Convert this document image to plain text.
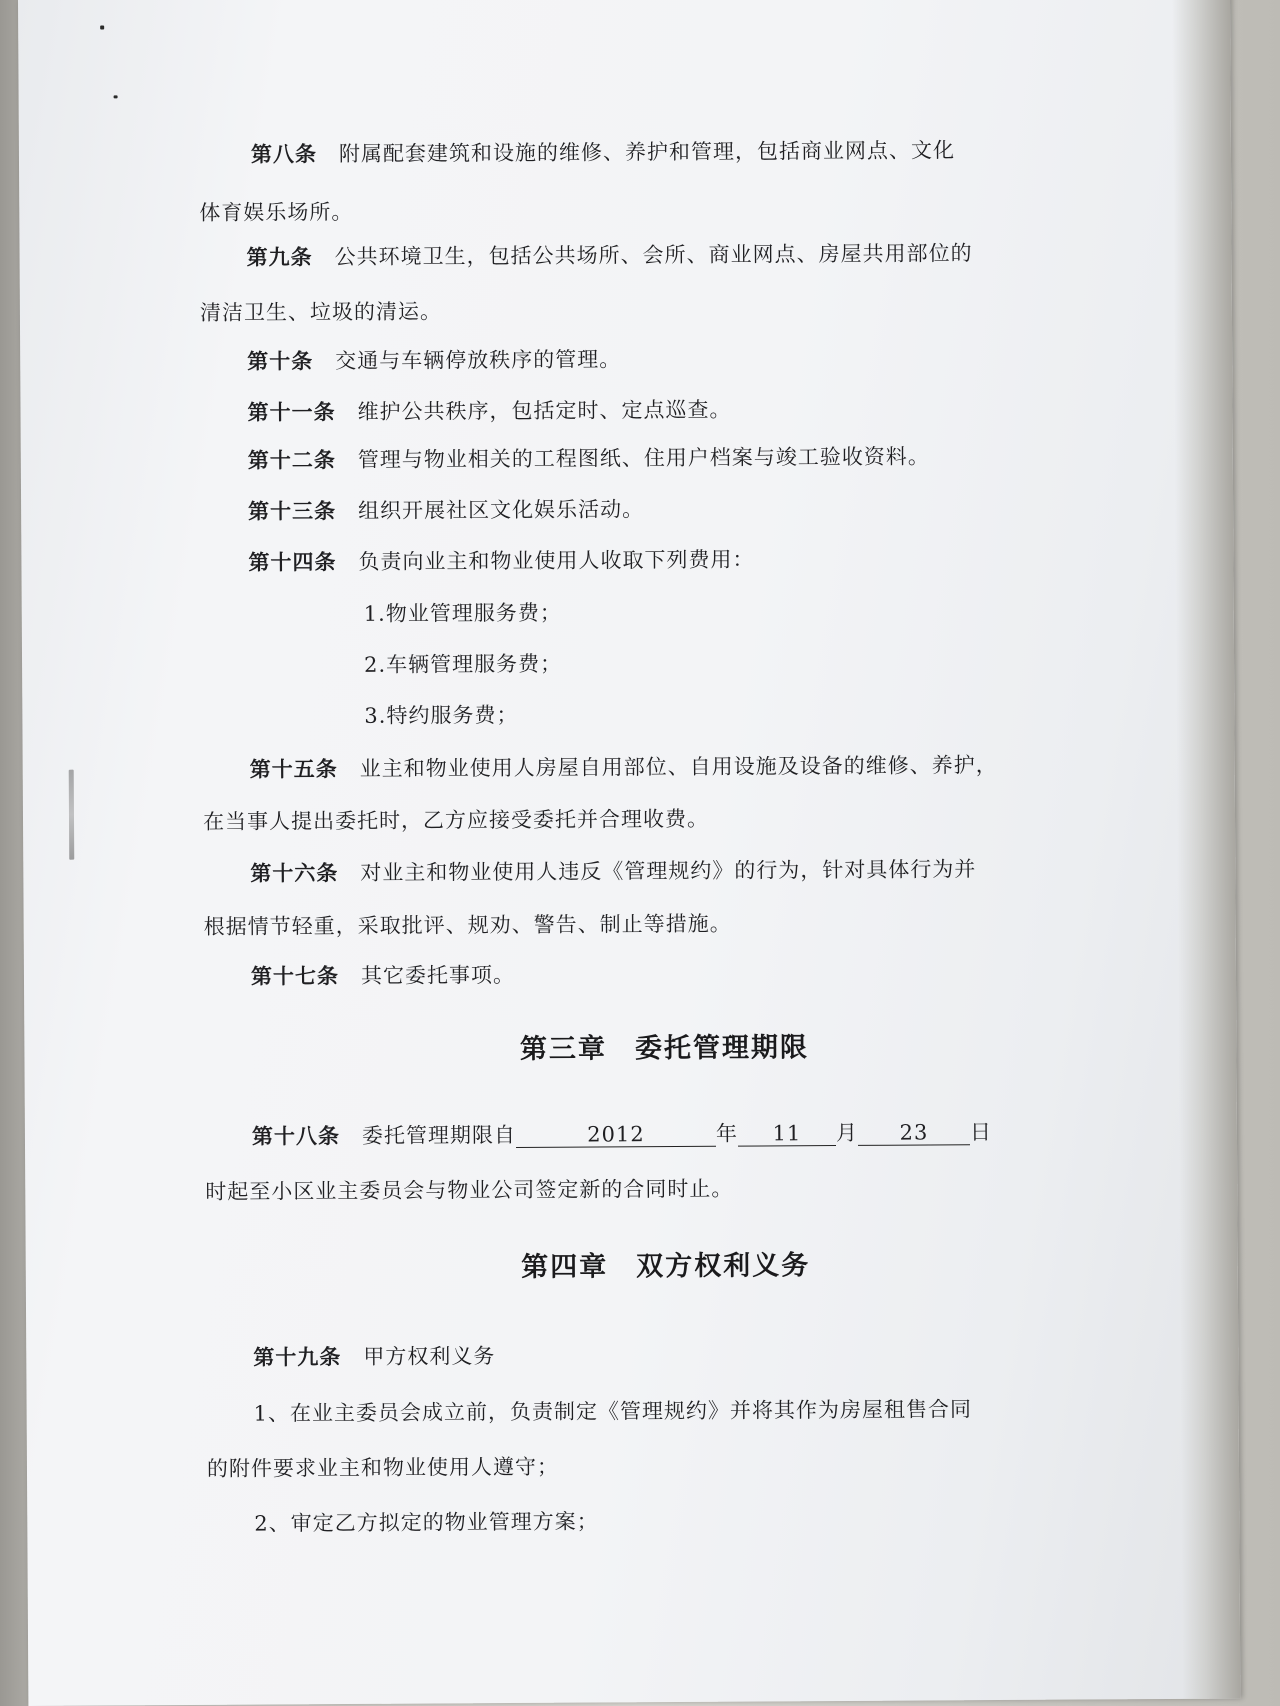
第八条 附属配套建筑和设施的维修、养护和管理，包括商业网点、文化
体育娱乐场所。
第九条 公共环境卫生，包括公共场所、会所、商业网点、房屋共用部位的
清洁卫生、垃圾的清运。
第十条 交通与车辆停放秩序的管理。
第十一条 维护公共秩序，包括定时、定点巡查。
第十二条 管理与物业相关的工程图纸、住用户档案与竣工验收资料。
第十三条 组织开展社区文化娱乐活动。
第十四条 负责向业主和物业使用人收取下列费用：
1.物业管理服务费；
2.车辆管理服务费；
3.特约服务费；
第十五条 业主和物业使用人房屋自用部位、自用设施及设备的维修、养护，
在当事人提出委托时，乙方应接受委托并合理收费。
第十六条 对业主和物业使用人违反《管理规约》的行为，针对具体行为并
根据情节轻重，采取批评、规劝、警告、制止等措施。
第十七条 其它委托事项。
第三章 委托管理期限
第十八条 委托管理期限自	2012	年 11 月 23 日
时起至小区业主委员会与物业公司签定新的合同时止。
第四章 双方权利义务
第十九条 甲方权利义务
1、在业主委员会成立前，负责制定《管理规约》并将其作为房屋租售合同
的附件要求业主和物业使用人遵守；
2、审定乙方拟定的物业管理方案；
